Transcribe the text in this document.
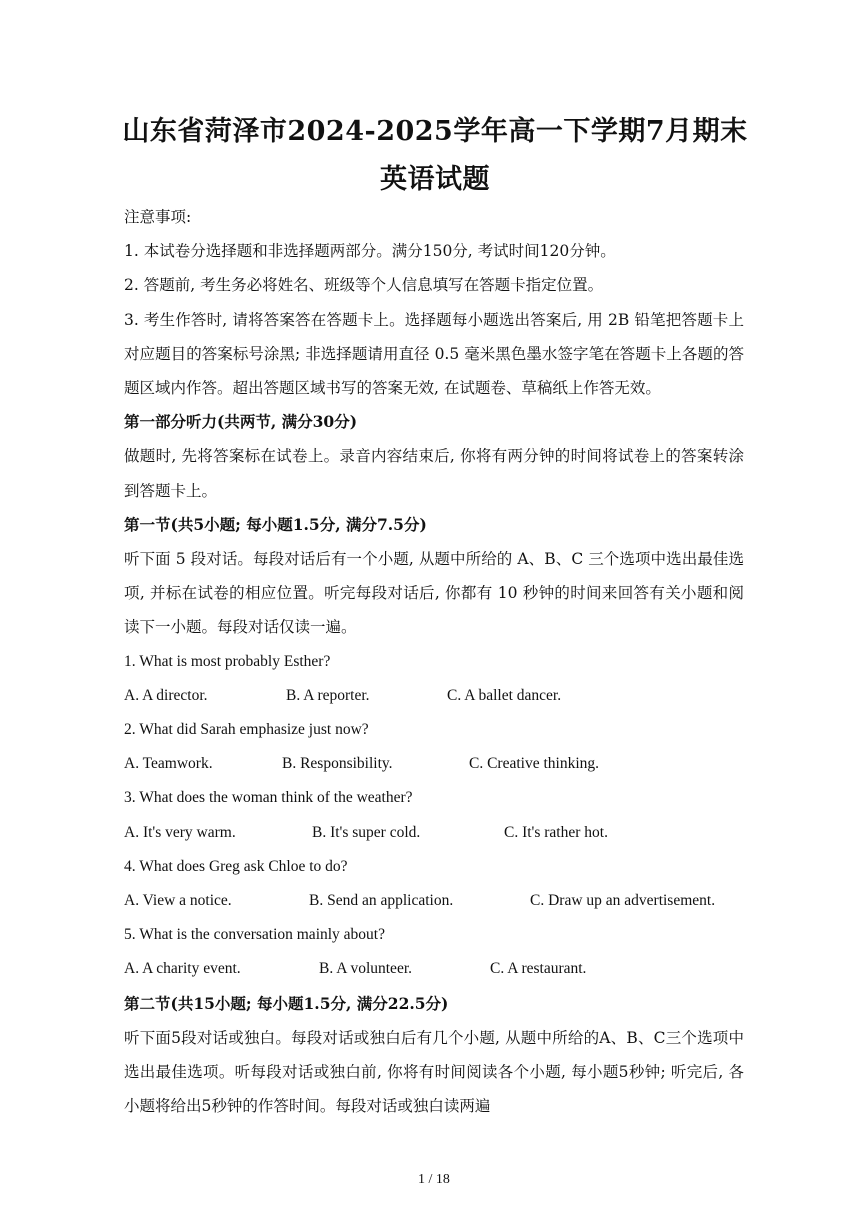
山东省菏泽市2024-2025学年高一下学期7月期末英语试题
注意事项:
1. 本试卷分选择题和非选择题两部分。满分150分, 考试时间120分钟。
2. 答题前, 考生务必将姓名、班级等个人信息填写在答题卡指定位置。
3. 考生作答时, 请将答案答在答题卡上。选择题每小题选出答案后, 用 2B 铅笔把答题卡上对应题目的答案标号涂黑; 非选择题请用直径 0.5 毫米黑色墨水签字笔在答题卡上各题的答题区域内作答。超出答题区域书写的答案无效, 在试题卷、草稿纸上作答无效。
第一部分听力(共两节, 满分30分)
做题时, 先将答案标在试卷上。录音内容结束后, 你将有两分钟的时间将试卷上的答案转涂到答题卡上。
第一节(共5小题; 每小题1.5分, 满分7.5分)
听下面 5 段对话。每段对话后有一个小题, 从题中所给的 A、B、C 三个选项中选出最佳选项, 并标在试卷的相应位置。听完每段对话后, 你都有 10 秒钟的时间来回答有关小题和阅读下一小题。每段对话仅读一遍。
1. What is most probably Esther?
A. A director.	B. A reporter.	C. A ballet dancer.
2. What did Sarah emphasize just now?
A. Teamwork.	B. Responsibility.	C. Creative thinking.
3. What does the woman think of the weather?
A. It's very warm.	B. It's super cold.	C. It's rather hot.
4. What does Greg ask Chloe to do?
A. View a notice.	B. Send an application.	C. Draw up an advertisement.
5. What is the conversation mainly about?
A. A charity event.	B. A volunteer.	C. A restaurant.
第二节(共15小题; 每小题1.5分, 满分22.5分)
听下面5段对话或独白。每段对话或独白后有几个小题, 从题中所给的A、B、C三个选项中选出最佳选项。听每段对话或独白前, 你将有时间阅读各个小题, 每小题5秒钟; 听完后, 各小题将给出5秒钟的作答时间。每段对话或独白读两遍
1 / 18
